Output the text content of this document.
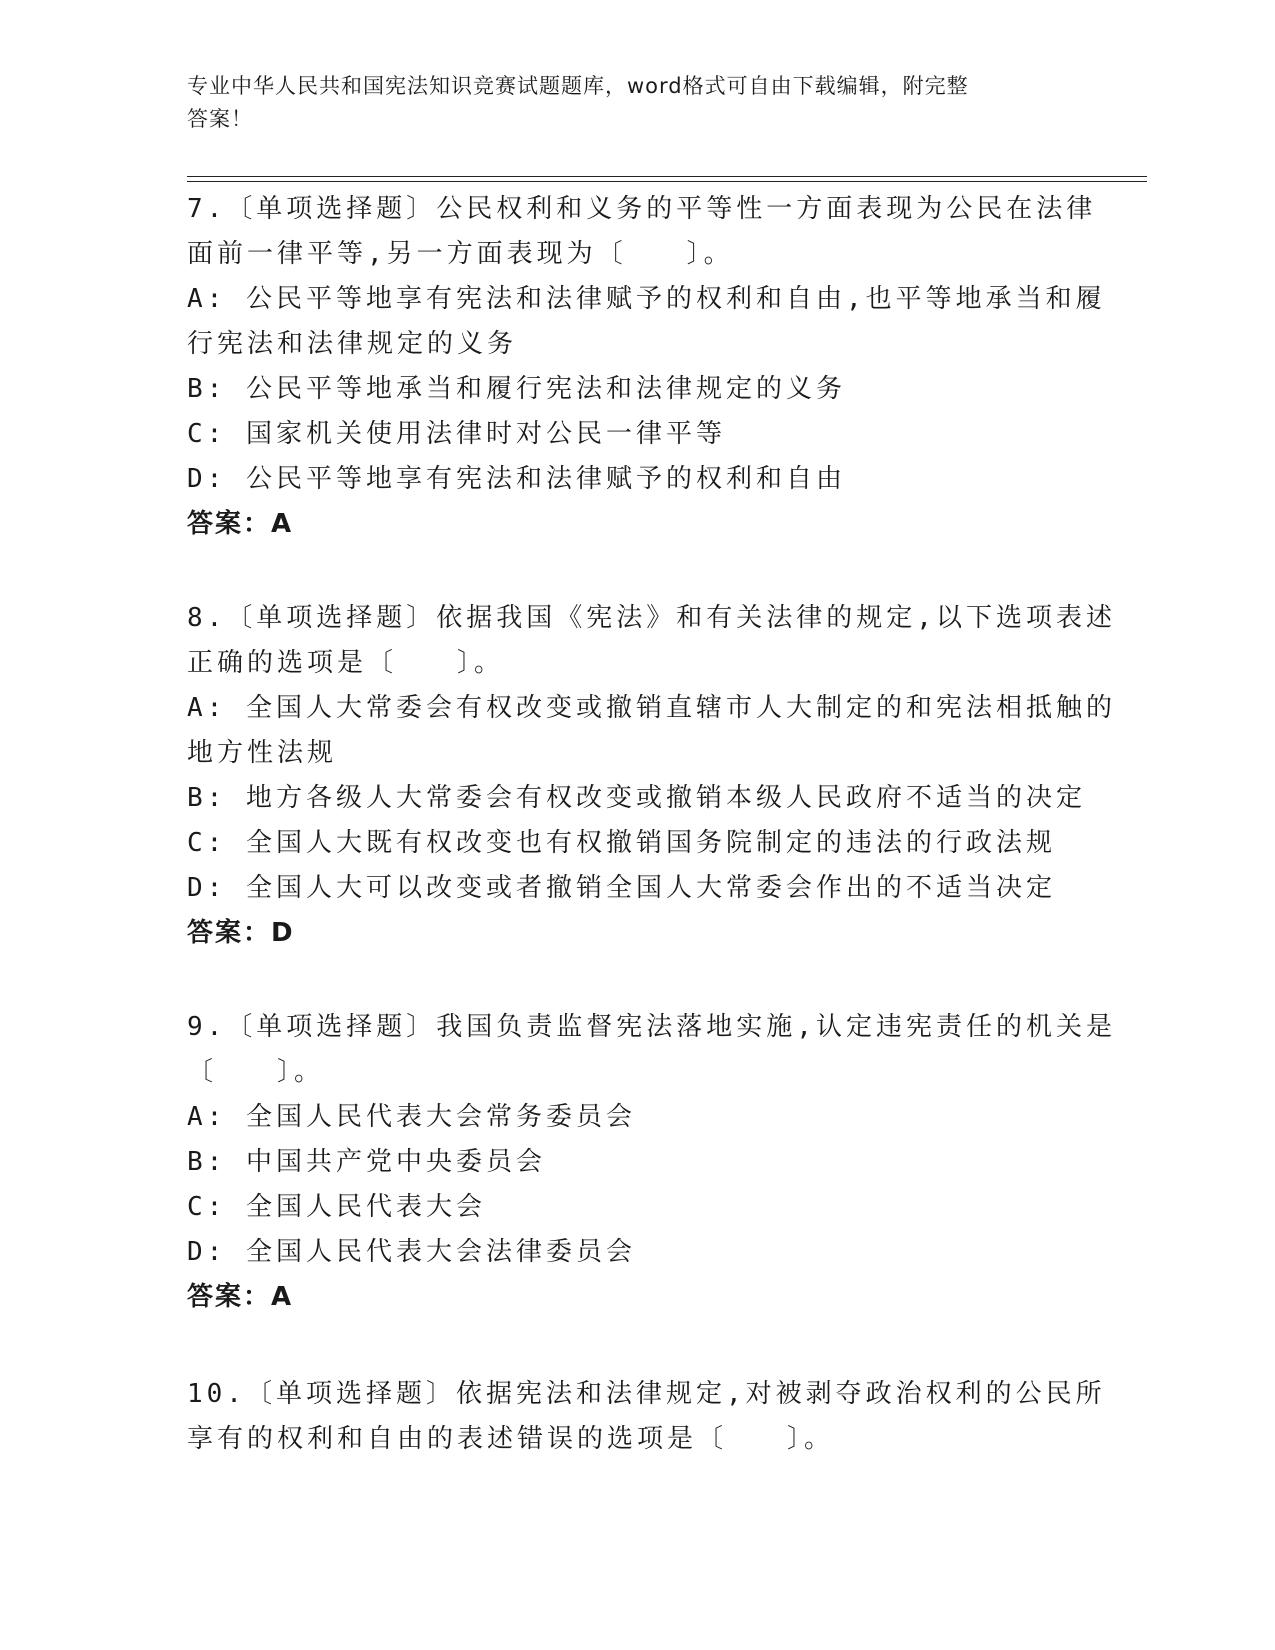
专业中华人民共和国宪法知识竞赛试题题库，word格式可自由下载编辑，附完整
答案！
7.〔单项选择题〕公民权利和义务的平等性一方面表现为公民在法律
面前一律平等,另一方面表现为〔　　〕。
A: 公民平等地享有宪法和法律赋予的权利和自由,也平等地承当和履
行宪法和法律规定的义务
B: 公民平等地承当和履行宪法和法律规定的义务
C: 国家机关使用法律时对公民一律平等
D: 公民平等地享有宪法和法律赋予的权利和自由
答案：A
8.〔单项选择题〕依据我国《宪法》和有关法律的规定,以下选项表述
正确的选项是〔　　〕。
A: 全国人大常委会有权改变或撤销直辖市人大制定的和宪法相抵触的
地方性法规
B: 地方各级人大常委会有权改变或撤销本级人民政府不适当的决定
C: 全国人大既有权改变也有权撤销国务院制定的违法的行政法规
D: 全国人大可以改变或者撤销全国人大常委会作出的不适当决定
答案：D
9.〔单项选择题〕我国负责监督宪法落地实施,认定违宪责任的机关是
〔　　〕。
A: 全国人民代表大会常务委员会
B: 中国共产党中央委员会
C: 全国人民代表大会
D: 全国人民代表大会法律委员会
答案：A
10.〔单项选择题〕依据宪法和法律规定,对被剥夺政治权利的公民所
享有的权利和自由的表述错误的选项是〔　　〕。
